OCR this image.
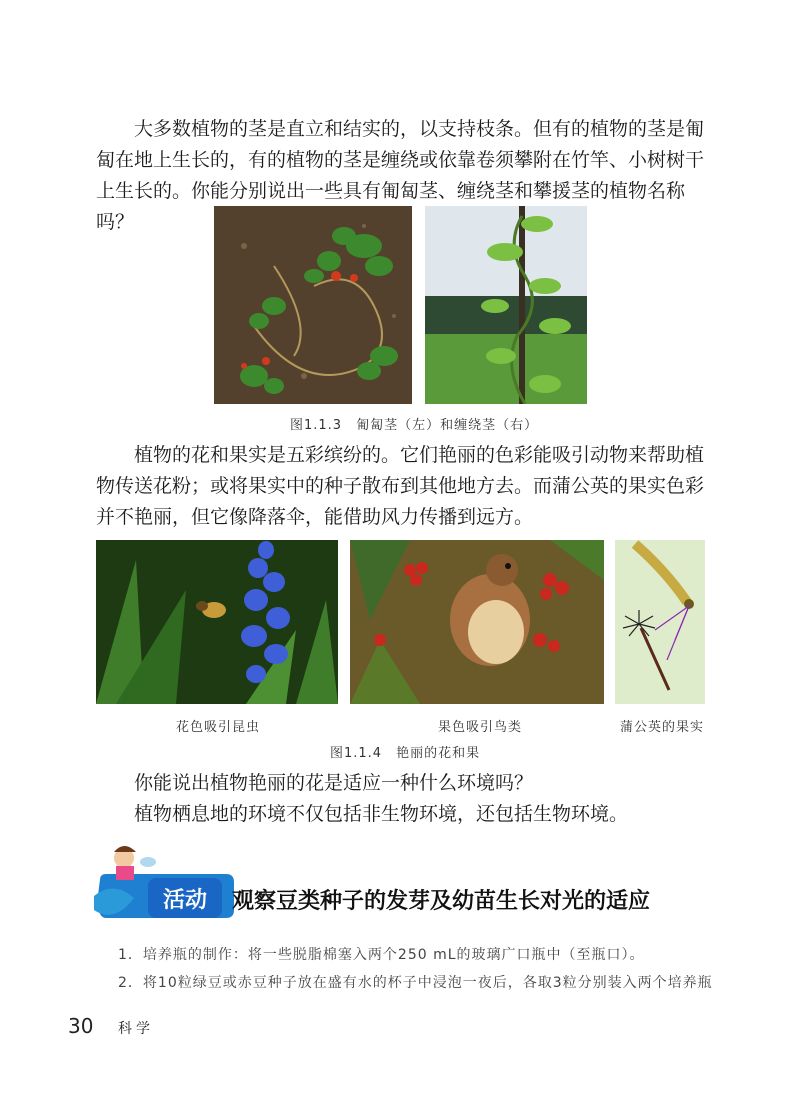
大多数植物的茎是直立和结实的，以支持枝条。但有的植物的茎是匍匐在地上生长的，有的植物的茎是缠绕或依靠卷须攀附在竹竿、小树树干上生长的。你能分别说出一些具有匍匐茎、缠绕茎和攀援茎的植物名称吗？

图1.1.3　匍匐茎（左）和缠绕茎（右）

植物的花和果实是五彩缤纷的。它们艳丽的色彩能吸引动物来帮助植物传送花粉；或将果实中的种子散布到其他地方去。而蒲公英的果实色彩并不艳丽，但它像降落伞，能借助风力传播到远方。

花色吸引昆虫	果色吸引鸟类	蒲公英的果实
图1.1.4　艳丽的花和果

你能说出植物艳丽的花是适应一种什么环境吗？

植物栖息地的环境不仅包括非生物环境，还包括生物环境。

活动 观察豆类种子的发芽及幼苗生长对光的适应
1．培养瓶的制作：将一些脱脂棉塞入两个250 mL的玻璃广口瓶中（至瓶口）。
2．将10粒绿豆或赤豆种子放在盛有水的杯子中浸泡一夜后，各取3粒分别装入两个培养瓶
30 科学
